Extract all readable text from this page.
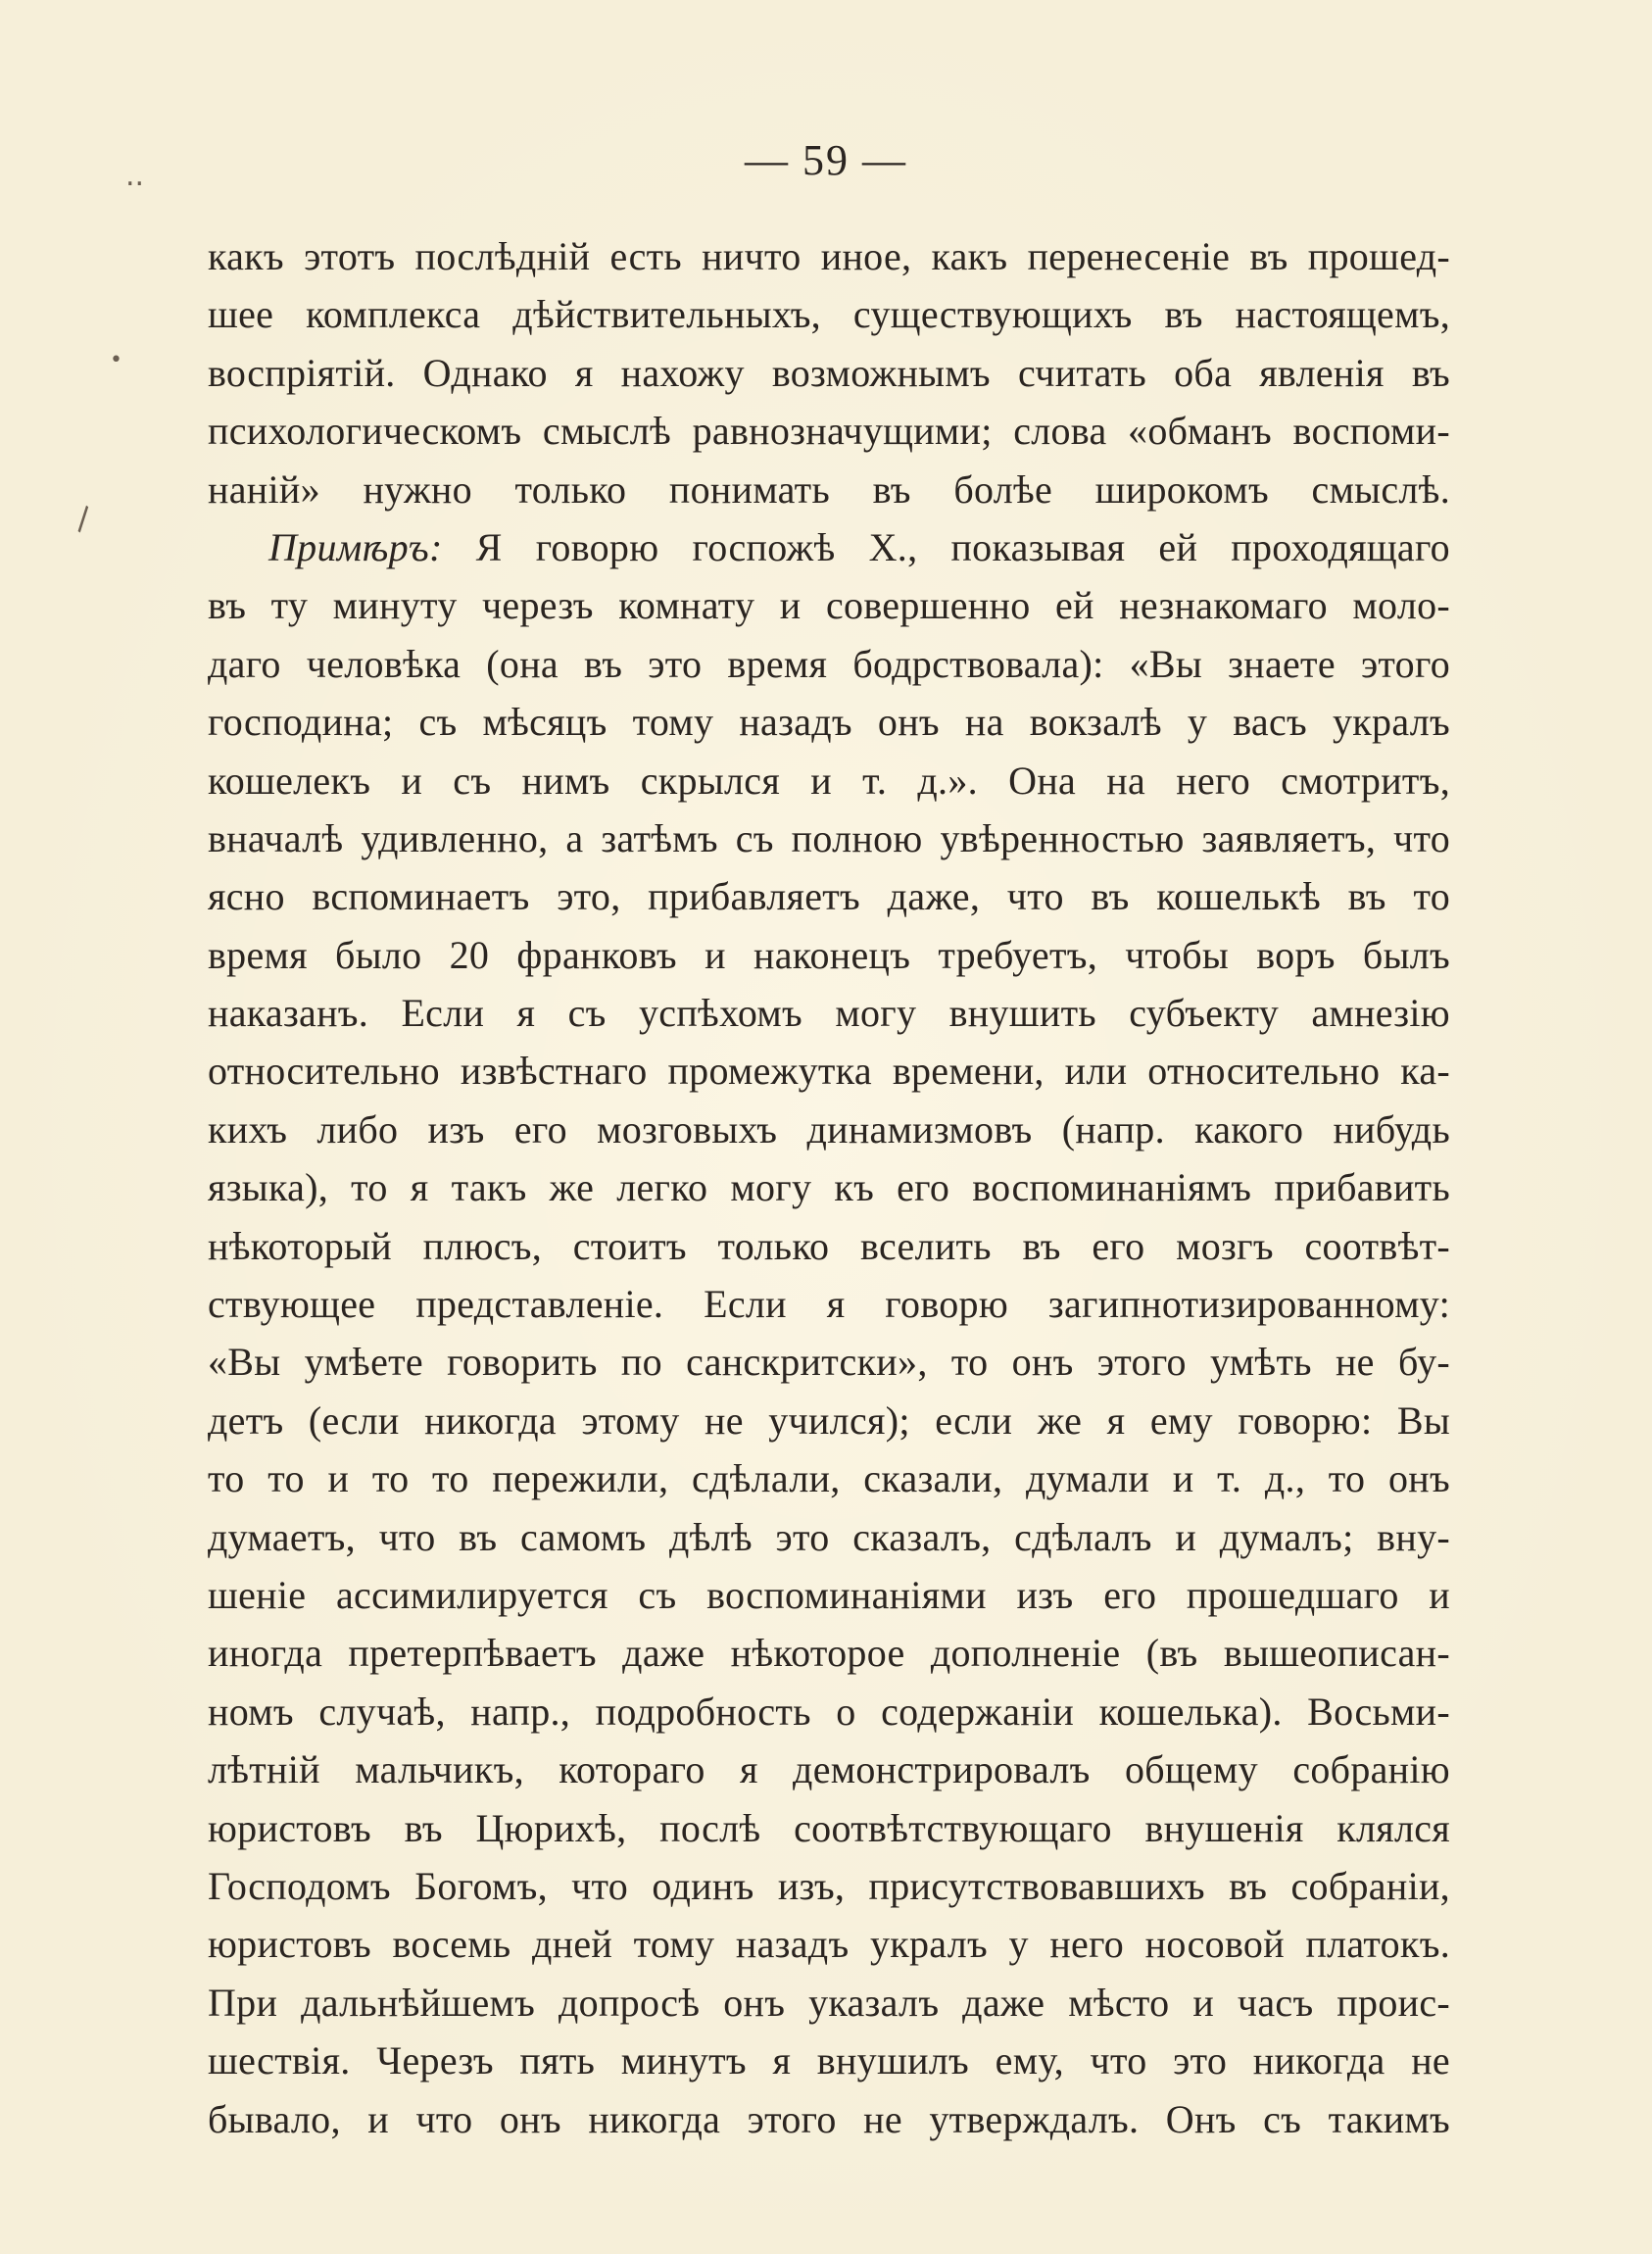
— 59 —
..
•
\
какъ этотъ послѣдній есть ничто иное, какъ перенесеніе въ прошед-
шее комплекса дѣйствительныхъ, существующихъ въ настоящемъ,
воспріятій. Однако я нахожу возможнымъ считать оба явленія въ
психологическомъ смыслѣ равнозначущими; слова «обманъ воспоми-
наній» нужно только понимать въ болѣе широкомъ смыслѣ.
Примѣръ: Я говорю госпожѣ Х., показывая ей проходящаго
въ ту минуту черезъ комнату и совершенно ей незнакомаго моло-
даго человѣка (она въ это время бодрствовала): «Вы знаете этого
господина; съ мѣсяцъ тому назадъ онъ на вокзалѣ у васъ укралъ
кошелекъ и съ нимъ скрылся и т. д.». Она на него смотритъ,
вначалѣ удивленно, а затѣмъ съ полною увѣренностью заявляетъ, что
ясно вспоминаетъ это, прибавляетъ даже, что въ кошелькѣ въ то
время было 20 франковъ и наконецъ требуетъ, чтобы воръ былъ
наказанъ. Если я съ успѣхомъ могу внушить субъекту амнезію
относительно извѣстнаго промежутка времени, или относительно ка-
кихъ либо изъ его мозговыхъ динамизмовъ (напр. какого нибудь
языка), то я такъ же легко могу къ его воспоминаніямъ прибавить
нѣкоторый плюсъ, стоитъ только вселить въ его мозгъ соотвѣт-
ствующее представленіе. Если я говорю загипнотизированному:
«Вы умѣете говорить по санскритски», то онъ этого умѣть не бу-
детъ (если никогда этому не учился); если же я ему говорю: Вы
то то и то то пережили, сдѣлали, сказали, думали и т. д., то онъ
думаетъ, что въ самомъ дѣлѣ это сказалъ, сдѣлалъ и думалъ; вну-
шеніе ассимилируется съ воспоминаніями изъ его прошедшаго и
иногда претерпѣваетъ даже нѣкоторое дополненіе (въ вышеописан-
номъ случаѣ, напр., подробность о содержаніи кошелька). Восьми-
лѣтній мальчикъ, котораго я демонстрировалъ общему собранію
юристовъ въ Цюрихѣ, послѣ соотвѣтствующаго внушенія клялся
Господомъ Богомъ, что одинъ изъ, присутствовавшихъ въ собраніи,
юристовъ восемь дней тому назадъ укралъ у него носовой платокъ.
При дальнѣйшемъ допросѣ онъ указалъ даже мѣсто и часъ проис-
шествія. Черезъ пять минутъ я внушилъ ему, что это никогда не
бывало, и что онъ никогда этого не утверждалъ. Онъ съ такимъ
